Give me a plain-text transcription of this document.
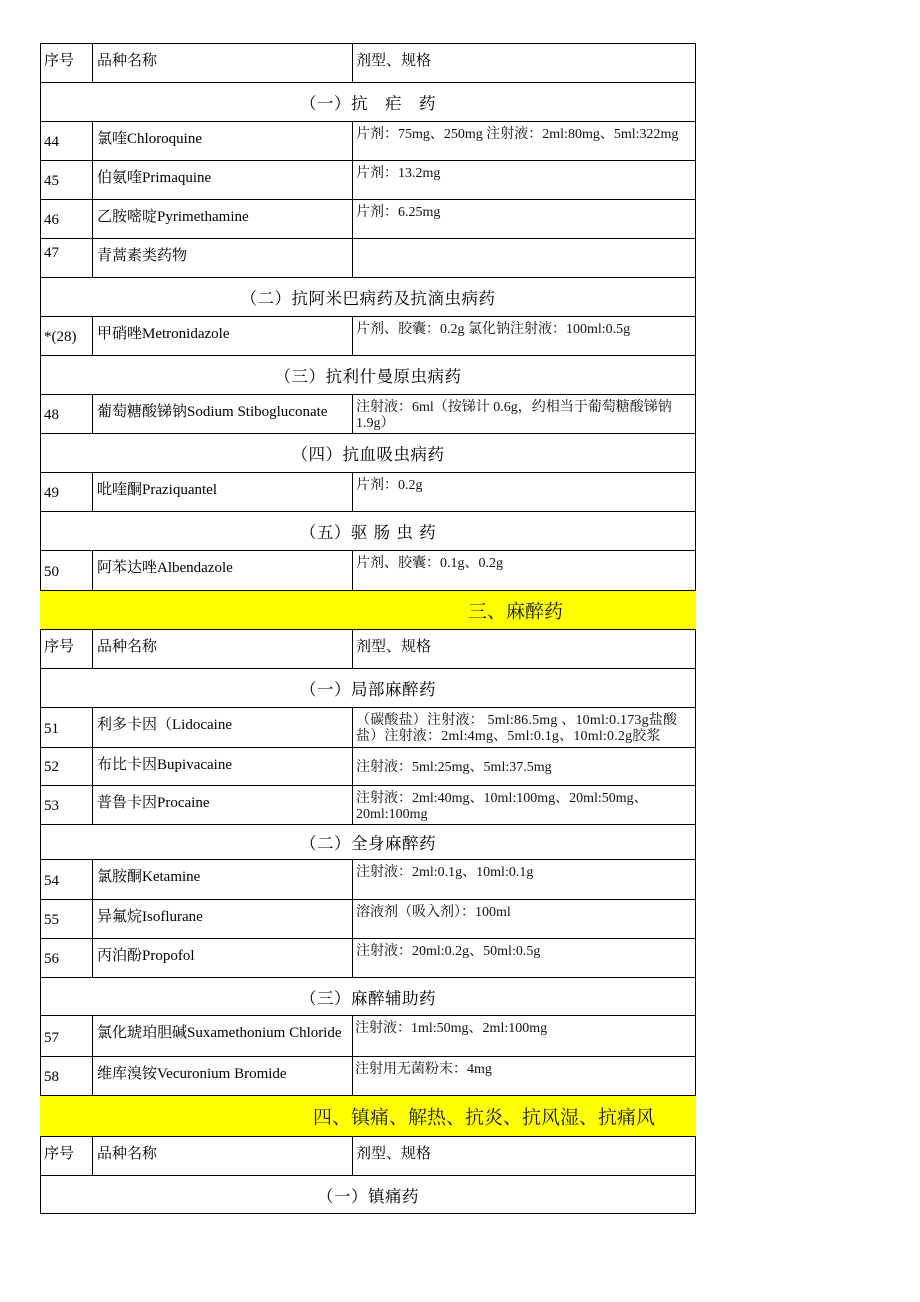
序号	品种名称	剂型、规格
（一）抗　疟　药
44	氯喹Chloroquine	片剂：75mg、250mg 注射液：2ml:80mg、5ml:322mg
45	伯氨喹Primaquine	片剂：13.2mg
46	乙胺嘧啶Pyrimethamine	片剂：6.25mg
47	青蒿素类药物
（二）抗阿米巴病药及抗滴虫病药
*(28)	甲硝唑Metronidazole	片剂、胶囊：0.2g 氯化钠注射液：100ml:0.5g
（三）抗利什曼原虫病药
48	葡萄糖酸锑钠Sodium Stibogluconate	注射液：6ml（按锑计 0.6g，约相当于葡萄糖酸锑钠 1.9g）
（四）抗血吸虫病药
49	吡喹酮Praziquantel	片剂：0.2g
（五）驱 肠 虫 药
50	阿苯达唑Albendazole	片剂、胶囊：0.1g、0.2g
三、麻醉药
序号	品种名称	剂型、规格
（一）局部麻醉药
51	利多卡因（Lidocaine	（碳酸盐）注射液： 5ml:86.5mg 、10ml:0.173g盐酸盐）注射液：2ml:4mg、5ml:0.1g、10ml:0.2g胶浆
52	布比卡因Bupivacaine	注射液：5ml:25mg、5ml:37.5mg
53	普鲁卡因Procaine	注射液：2ml:40mg、10ml:100mg、20ml:50mg、20ml:100mg
（二）全身麻醉药
54	氯胺酮Ketamine	注射液：2ml:0.1g、10ml:0.1g
55	异氟烷Isoflurane	溶液剂（吸入剂）：100ml
56	丙泊酚Propofol	注射液：20ml:0.2g、50ml:0.5g
（三）麻醉辅助药
57	氯化琥珀胆碱Suxamethonium Chloride 注射液：1ml:50mg、2ml:100mg
58	维库溴铵Vecuronium Bromide	注射用无菌粉末：4mg
四、镇痛、解热、抗炎、抗风湿、抗痛风
序号	品种名称	剂型、规格
（一）镇痛药
